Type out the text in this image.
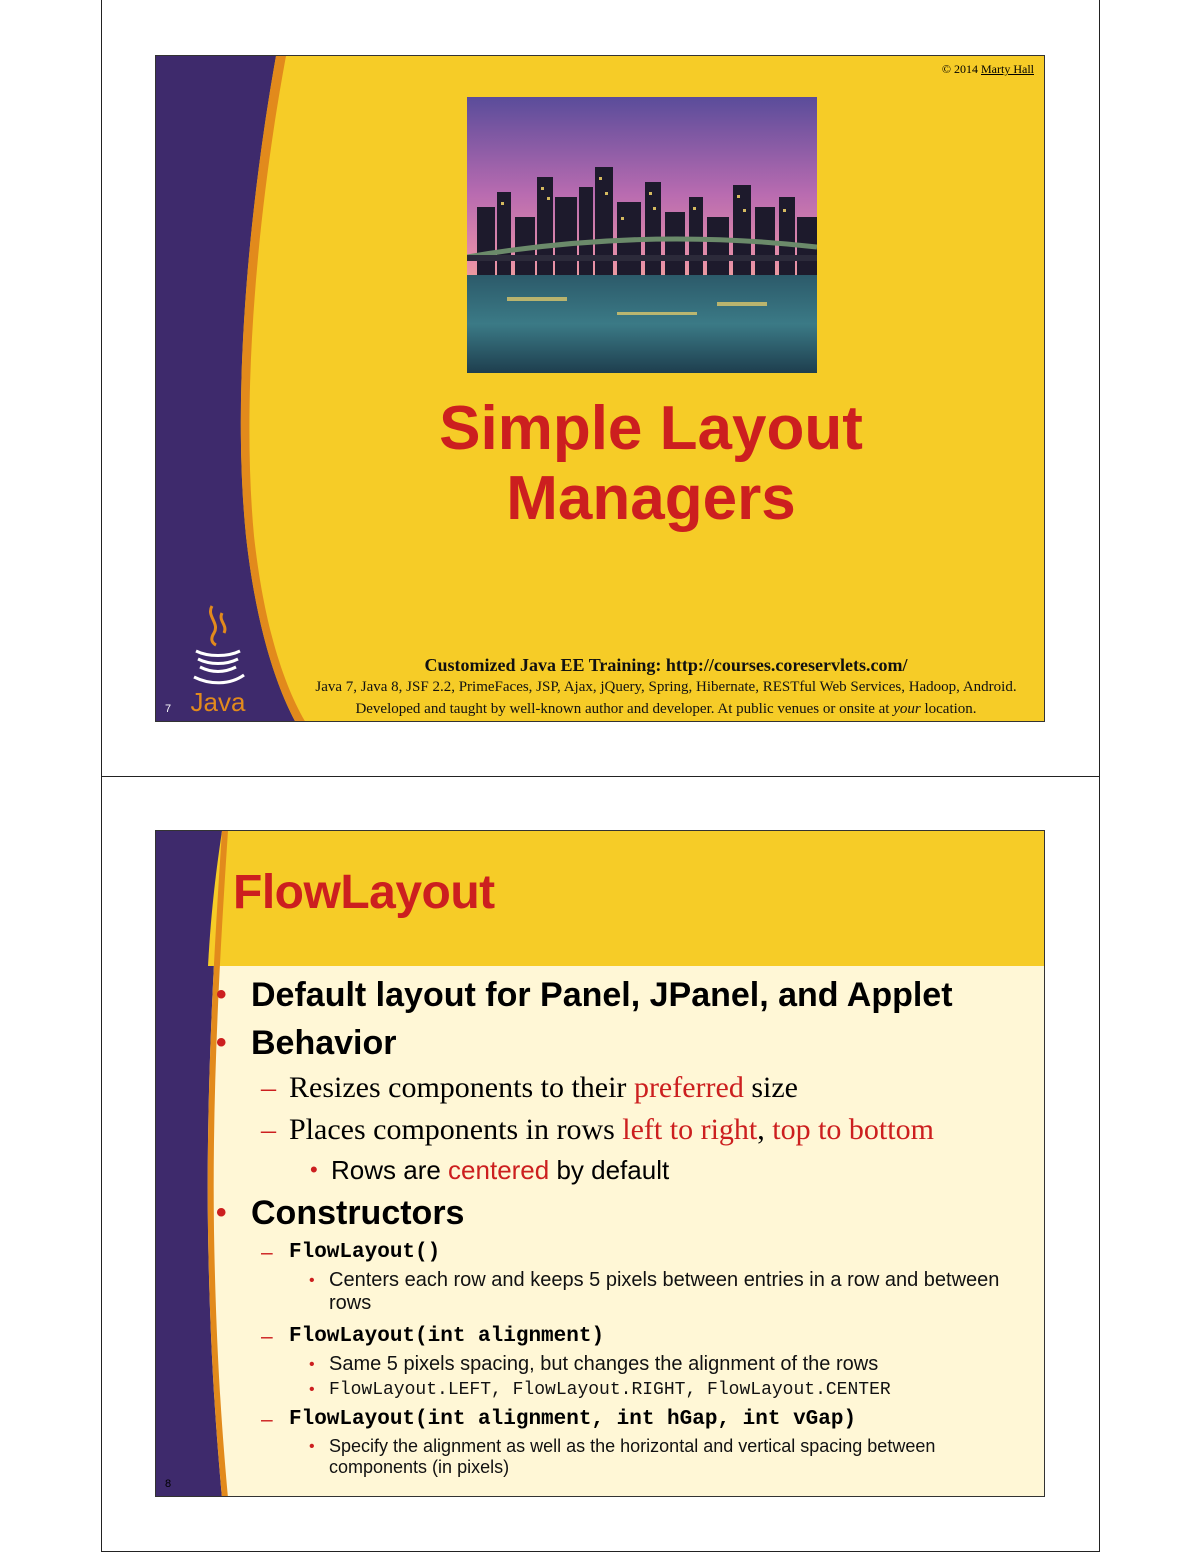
© 2014 Marty Hall
Simple Layout
Managers
Java
Customized Java EE Training: http://courses.coreservlets.com/
Java 7, Java 8, JSF 2.2, PrimeFaces, JSP, Ajax, jQuery, Spring, Hibernate, RESTful Web Services, Hadoop, Android.
Developed and taught by well-known author and developer. At public venues or onsite at your location.
7
FlowLayout
• Default layout for Panel, JPanel, and Applet
• Behavior
– Resizes components to their preferred size
– Places components in rows left to right, top to bottom
• Rows are centered by default
• Constructors
– FlowLayout()
• Centers each row and keeps 5 pixels between entries in a row and between rows
– FlowLayout(int alignment)
• Same 5 pixels spacing, but changes the alignment of the rows
• FlowLayout.LEFT, FlowLayout.RIGHT, FlowLayout.CENTER
– FlowLayout(int alignment, int hGap, int vGap)
• Specify the alignment as well as the horizontal and vertical spacing between components (in pixels)
8
